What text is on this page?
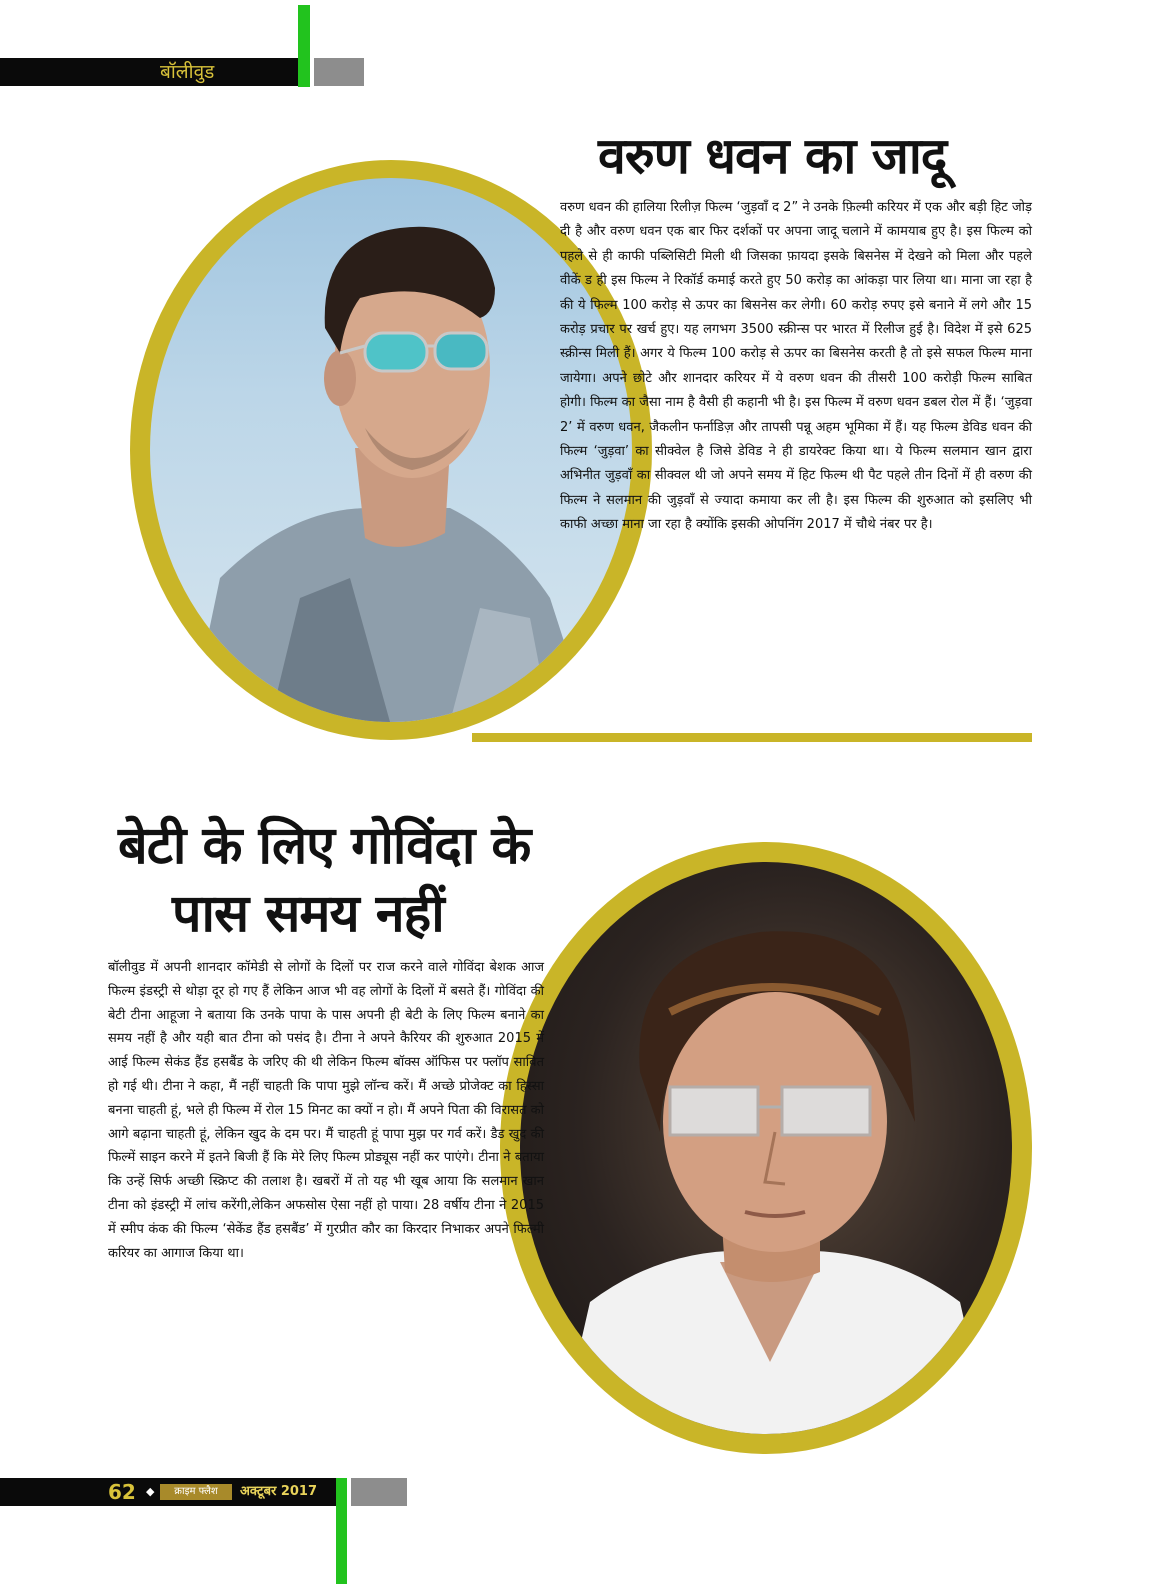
बॉलीवुड
वरुण धवन का जादू
वरुण धवन की हालिया रिलीज़ फिल्म ‘जुड़वाँ द 2” ने उनके फ़िल्मी करियर में एक और बड़ी हिट जोड़ दी है और वरुण धवन एक बार फिर दर्शकों पर अपना जादू चलाने में कामयाब हुए है। इस फिल्म को पहले से ही काफी पब्लिसिटी मिली थी जिसका फ़ायदा इसके बिसनेस में देखने को मिला और पहले वीकें ड ही इस फिल्म ने रिकॉर्ड कमाई करते हुए 50 करोड़ का आंकड़ा पार लिया था। माना जा रहा है की ये फिल्म 100 करोड़ से ऊपर का बिसनेस कर लेगी। 60 करोड़ रुपए इसे बनाने में लगे और 15 करोड़ प्रचार पर खर्च हुए। यह लगभग 3500 स्क्रीन्स पर भारत में रिलीज हुई है। विदेश में इसे 625 स्क्रीन्स मिली हैं। अगर ये फिल्म 100 करोड़ से ऊपर का बिसनेस करती है तो इसे सफल फिल्म माना जायेगा। अपने छोटे और शानदार करियर में ये वरुण धवन की तीसरी 100 करोड़ी फिल्म साबित होगी। फिल्म का जैसा नाम है वैसी ही कहानी भी है। इस फिल्म में वरुण धवन डबल रोल में हैं। ‘जुड़वा 2’ में वरुण धवन, जैकलीन फर्नाडिज़ और तापसी पन्नू अहम भूमिका में हैं। यह फिल्म डेविड धवन की फिल्म ‘जुड़वा’ का सीक्वेल है जिसे डेविड ने ही डायरेक्ट किया था। ये फिल्म सलमान खान द्वारा अभिनीत जुड़वाँ का सीक्वल थी जो अपने समय में हिट फिल्म थी पैट पहले तीन दिनों में ही वरुण की फिल्म ने सलमान की जुड़वाँ से ज्यादा कमाया कर ली है। इस फिल्म की शुरुआत को इसलिए भी काफी अच्छा माना जा रहा है क्योंकि इसकी ओपनिंग 2017 में चौथे नंबर पर है।
बेटी के लिए गोविंदा के
पास समय नहीं
बॉलीवुड में अपनी शानदार कॉमेडी से लोगों के दिलों पर राज करने वाले गोविंदा बेशक आज फिल्म इंडस्ट्री से थोड़ा दूर हो गए हैं लेकिन आज भी वह लोगों के दिलों में बसते हैं। गोविंदा की बेटी टीना आहूजा ने बताया कि उनके पापा के पास अपनी ही बेटी के लिए फिल्म बनाने का समय नहीं है और यही बात टीना को पसंद है। टीना ने अपने कैरियर की शुरुआत 2015 में आई फिल्म सेकंड हैंड हसबैंड के जरिए की थी लेकिन फिल्म बॉक्स ऑफिस पर फ्लॉप साबित हो गई थी। टीना ने कहा, मैं नहीं चाहती कि पापा मुझे लॉन्च करें। मैं अच्छे प्रोजेक्ट का हिस्सा बनना चाहती हूं, भले ही फिल्म में रोल 15 मिनट का क्यों न हो। मैं अपने पिता की विरासत को आगे बढ़ाना चाहती हूं, लेकिन खुद के दम पर। मैं चाहती हूं पापा मुझ पर गर्व करें। डैड खुद की फिल्में साइन करने में इतने बिजी हैं कि मेरे लिए फिल्म प्रोड्यूस नहीं कर पाएंगे। टीना ने बताया कि उन्हें सिर्फ अच्छी स्क्रिप्ट की तलाश है। खबरों में तो यह भी खूब आया कि सलमान खान टीना को इंडस्ट्री में लांच करेंगी,लेकिन अफसोस ऐसा नहीं हो पाया। 28 वर्षीय टीना ने 2015 में स्मीप कंक की फिल्म ‘सेकेंड हैंड हसबैंड’ में गुरप्रीत कौर का किरदार निभाकर अपने फिल्मी करियर का आगाज किया था।
62 ◆	क्राइम फ्लैश	अक्टूबर 2017
